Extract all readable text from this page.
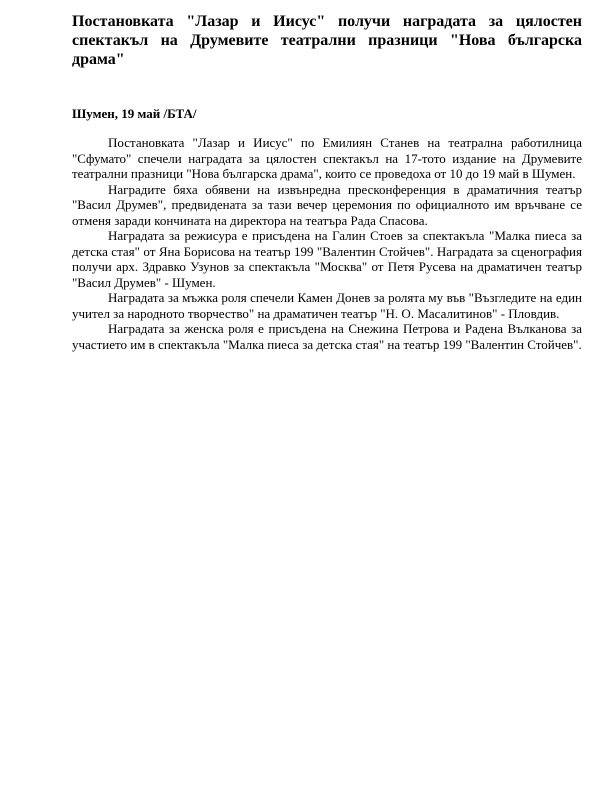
Постановката "Лазар и Иисус" получи наградата за цялостен спектакъл на Друмевите театрални празници "Нова българска драма"

Шумен, 19 май /БТА/

Постановката "Лазар и Иисус" по Емилиян Станев на театрална работилница "Сфумато" спечели наградата за цялостен спектакъл на 17-тото издание на Друмевите театрални празници "Нова българска драма", които се проведоха от 10 до 19 май в Шумен.

Наградите бяха обявени на извънредна пресконференция в драматичния театър "Васил Друмев", предвидената за тази вечер церемония по официалното им връчване се отменя заради кончината на директора на театъра Рада Спасова.

Наградата за режисура е присъдена на Галин Стоев за спектакъла "Малка пиеса за детска стая" от Яна Борисова на театър 199 "Валентин Стойчев". Наградата за сценография получи арх. Здравко Узунов за спектакъла "Москва" от Петя Русева на драматичен театър "Васил Друмев" - Шумен.

Наградата за мъжка роля спечели Камен Донев за ролята му във "Възгледите на един учител за народното творчество" на драматичен театър "Н. О. Масалитинов" - Пловдив.

Наградата за женска роля е присъдена на Снежина Петрова и Радена Вълканова за участието им в спектакъла "Малка пиеса за детска стая" на театър 199 "Валентин Стойчев".
